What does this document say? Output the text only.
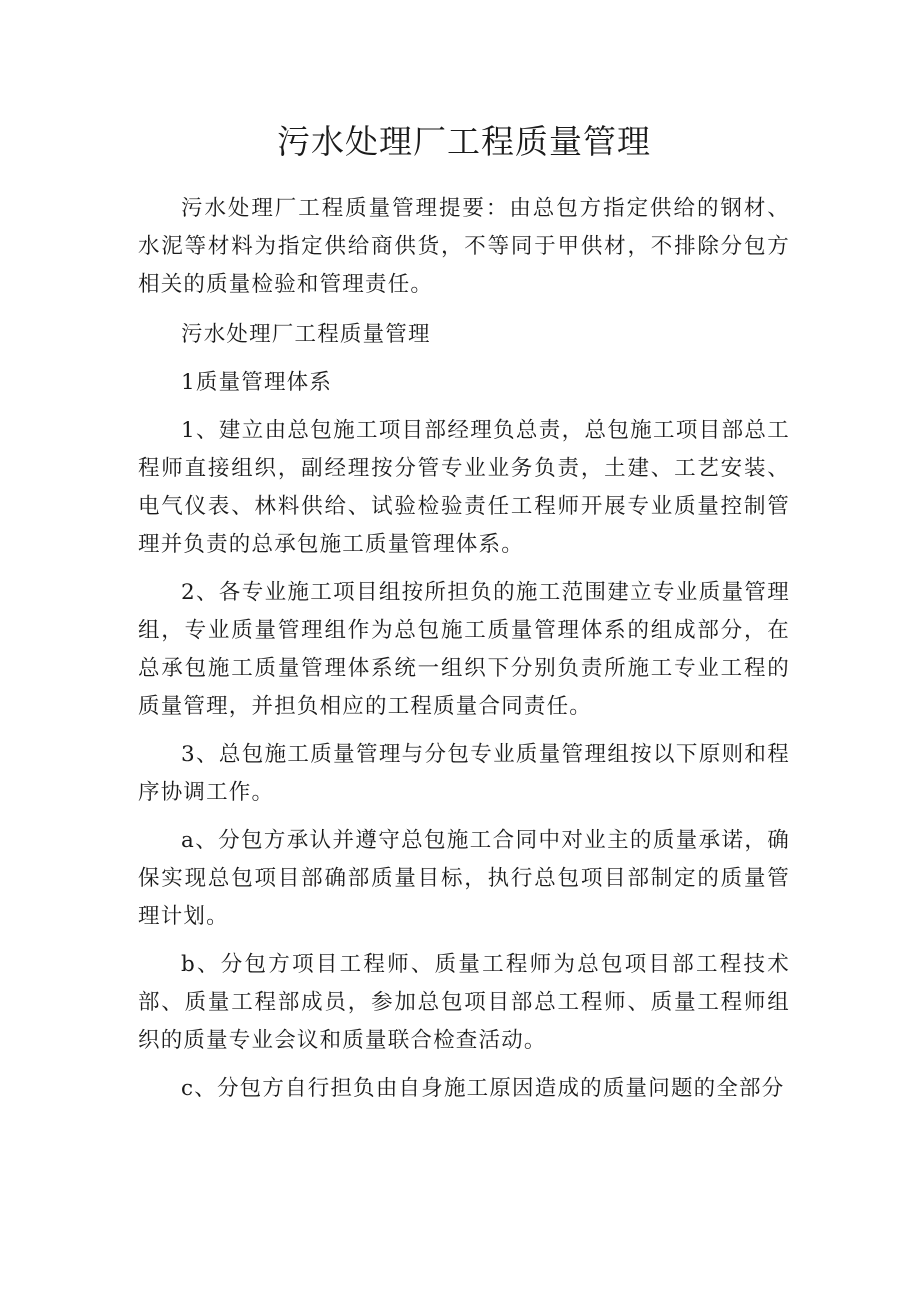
污水处理厂工程质量管理

污水处理厂工程质量管理提要：由总包方指定供给的钢材、水泥等材料为指定供给商供货，不等同于甲供材，不排除分包方相关的质量检验和管理责任。

污水处理厂工程质量管理

1质量管理体系

1、建立由总包施工项目部经理负总责，总包施工项目部总工程师直接组织，副经理按分管专业业务负责，土建、工艺安装、电气仪表、林料供给、试验检验责任工程师开展专业质量控制管理并负责的总承包施工质量管理体系。

2、各专业施工项目组按所担负的施工范围建立专业质量管理组，专业质量管理组作为总包施工质量管理体系的组成部分，在总承包施工质量管理体系统一组织下分别负责所施工专业工程的质量管理，并担负相应的工程质量合同责任。

3、总包施工质量管理与分包专业质量管理组按以下原则和程序协调工作。

a、分包方承认并遵守总包施工合同中对业主的质量承诺，确保实现总包项目部确部质量目标，执行总包项目部制定的质量管理计划。

b、分包方项目工程师、质量工程师为总包项目部工程技术部、质量工程部成员，参加总包项目部总工程师、质量工程师组织的质量专业会议和质量联合检查活动。

c、分包方自行担负由自身施工原因造成的质量问题的全部分
